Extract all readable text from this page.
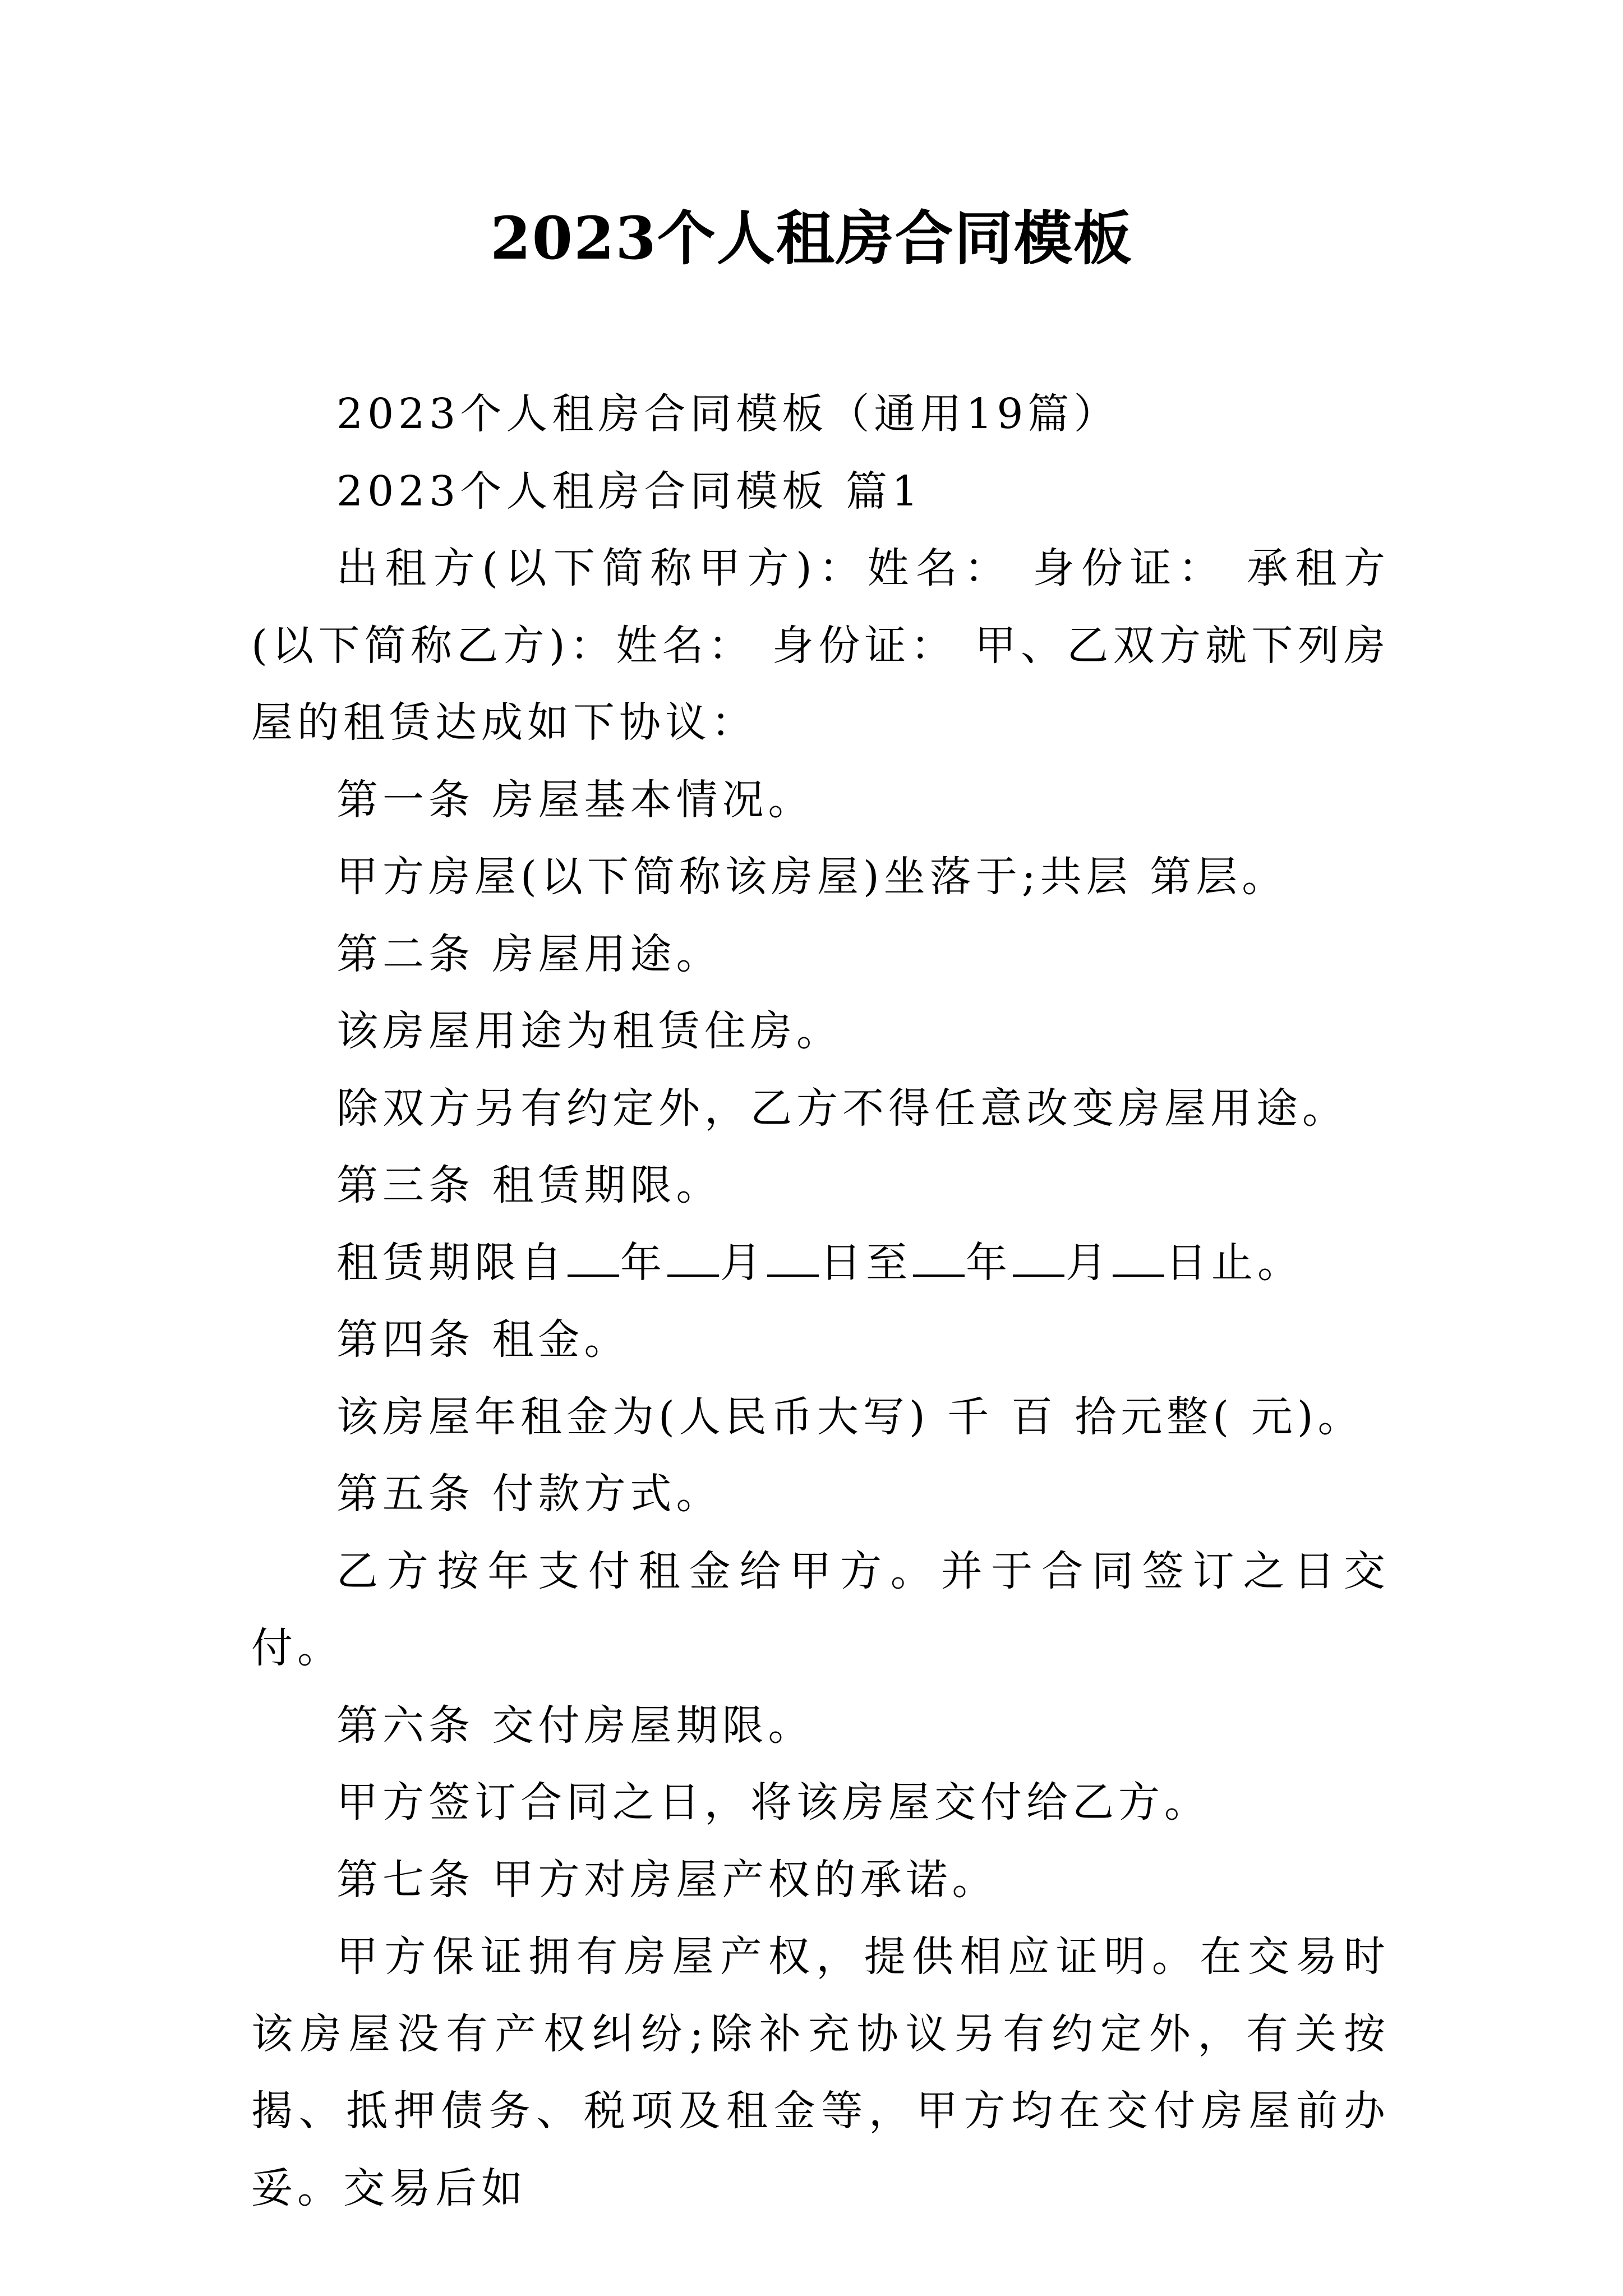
2023个人租房合同模板

2023个人租房合同模板（通用19篇）

2023个人租房合同模板 篇1

出租方(以下简称甲方)：姓名： 身份证： 承租方(以下简称乙方)：姓名： 身份证： 甲、乙双方就下列房屋的租赁达成如下协议：

第一条 房屋基本情况。

甲方房屋(以下简称该房屋)坐落于;共层 第层。

第二条 房屋用途。

该房屋用途为租赁住房。

除双方另有约定外，乙方不得任意改变房屋用途。

第三条 租赁期限。

租赁期限自 年 月 日至 年 月 日止。

第四条 租金。

该房屋年租金为(人民币大写) 千 百 拾元整( 元)。

第五条 付款方式。

乙方按年支付租金给甲方。并于合同签订之日交付。

第六条 交付房屋期限。

甲方签订合同之日，将该房屋交付给乙方。

第七条 甲方对房屋产权的承诺。

甲方保证拥有房屋产权，提供相应证明。在交易时该房屋没有产权纠纷;除补充协议另有约定外，有关按揭、抵押债务、税项及租金等，甲方均在交付房屋前办妥。交易后如
